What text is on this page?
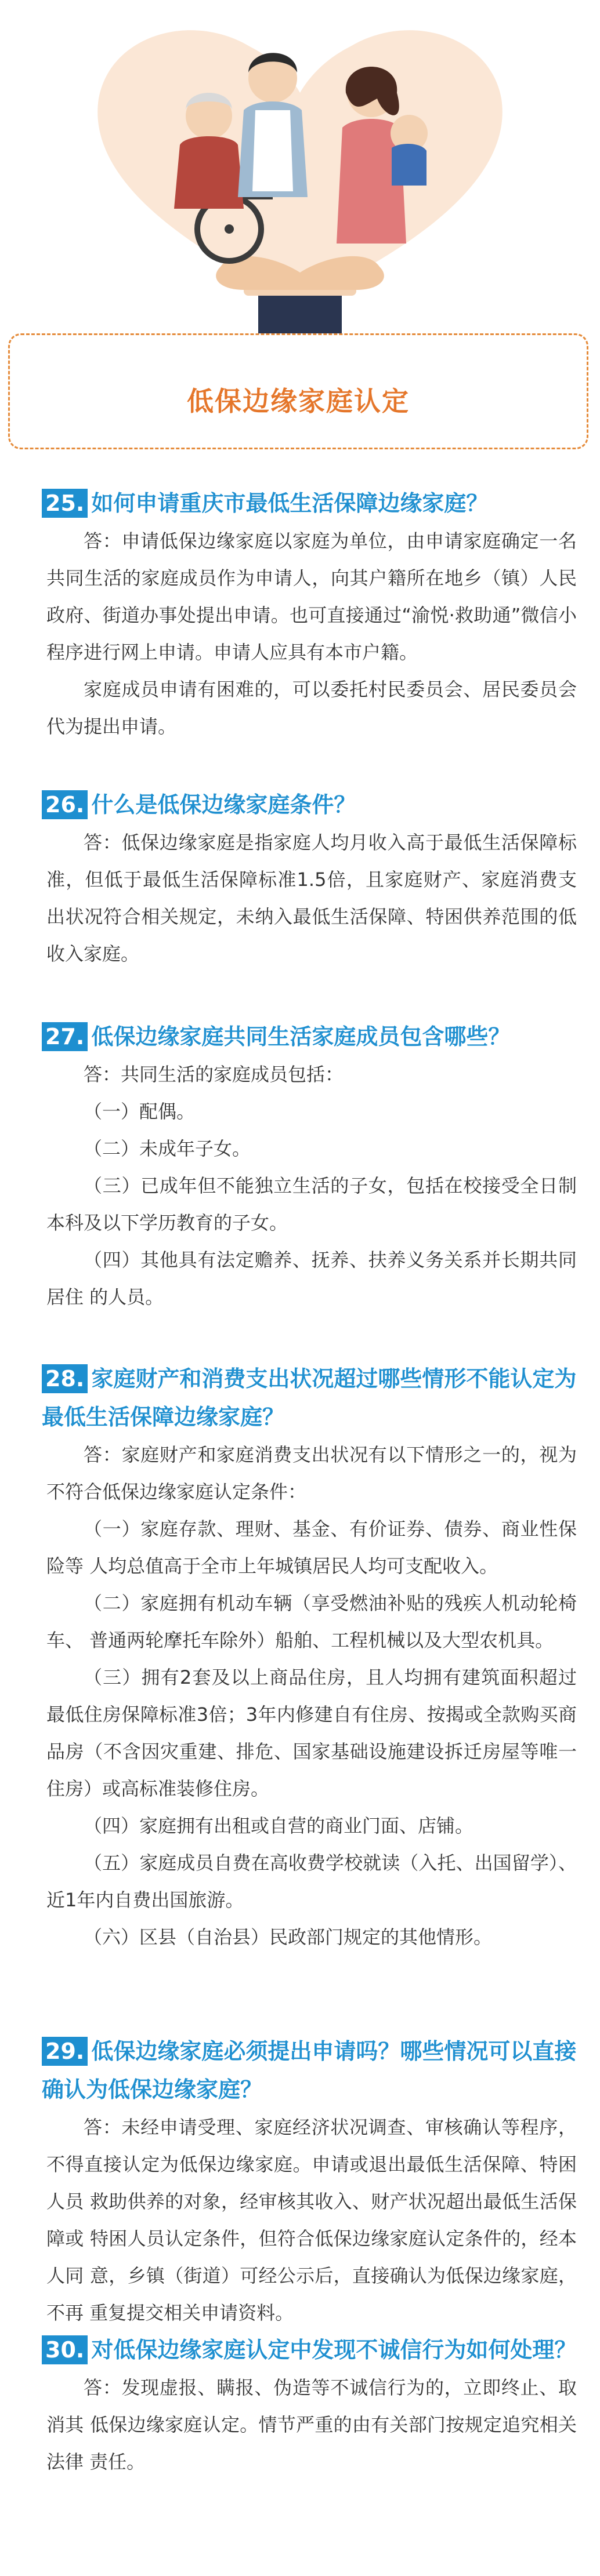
低保边缘家庭认定
25. 如何申请重庆市最低生活保障边缘家庭？
答：申请低保边缘家庭以家庭为单位，由申请家庭确定一名共同生活的家庭成员作为申请人，向其户籍所在地乡（镇）人民政府、街道办事处提出申请。也可直接通过“渝悦·救助通”微信小程序进行网上申请。申请人应具有本市户籍。
家庭成员申请有困难的，可以委托村民委员会、居民委员会代为提出申请。
26. 什么是低保边缘家庭条件？
答：低保边缘家庭是指家庭人均月收入高于最低生活保障标准，但低于最低生活保障标准1.5倍，且家庭财产、家庭消费支出状况符合相关规定，未纳入最低生活保障、特困供养范围的低收入家庭。
27. 低保边缘家庭共同生活家庭成员包含哪些？
答：共同生活的家庭成员包括：
（一）配偶。
（二）未成年子女。
（三）已成年但不能独立生活的子女，包括在校接受全日制本科及以下学历教育的子女。
（四）其他具有法定赡养、抚养、扶养义务关系并长期共同居住 的人员。
28. 家庭财产和消费支出状况超过哪些情形不能认定为最低生活保障边缘家庭？
答：家庭财产和家庭消费支出状况有以下情形之一的，视为不符合低保边缘家庭认定条件：
（一）家庭存款、理财、基金、有价证券、债券、商业性保险等 人均总值高于全市上年城镇居民人均可支配收入。
（二）家庭拥有机动车辆（享受燃油补贴的残疾人机动轮椅车、 普通两轮摩托车除外）船舶、工程机械以及大型农机具。
（三）拥有2套及以上商品住房，且人均拥有建筑面积超过最低住房保障标准3倍；3年内修建自有住房、按揭或全款购买商品房（不含因灾重建、排危、国家基础设施建设拆迁房屋等唯一住房）或高标准装修住房。
（四）家庭拥有出租或自营的商业门面、店铺。
（五）家庭成员自费在高收费学校就读（入托、出国留学）、近1年内自费出国旅游。
（六）区县（自治县）民政部门规定的其他情形。
29. 低保边缘家庭必须提出申请吗？哪些情况可以直接确认为低保边缘家庭？
答：未经申请受理、家庭经济状况调查、审核确认等程序，不得直接认定为低保边缘家庭。申请或退出最低生活保障、特困人员 救助供养的对象，经审核其收入、财产状况超出最低生活保障或 特困人员认定条件，但符合低保边缘家庭认定条件的，经本人同 意，乡镇（街道）可经公示后，直接确认为低保边缘家庭，不再 重复提交相关申请资料。
30. 对低保边缘家庭认定中发现不诚信行为如何处理？
答：发现虚报、瞒报、伪造等不诚信行为的，立即终止、取消其 低保边缘家庭认定。情节严重的由有关部门按规定追究相关法律 责任。
